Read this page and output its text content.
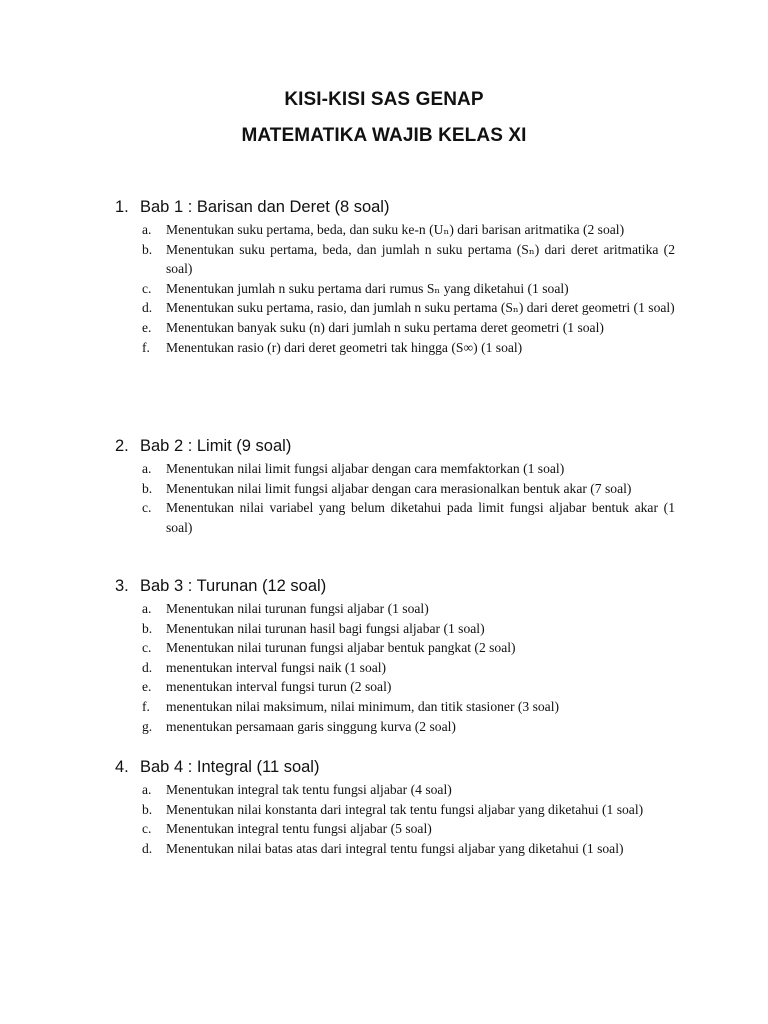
KISI-KISI SAS GENAP
MATEMATIKA WAJIB KELAS XI
1. Bab 1 : Barisan dan Deret (8 soal)
a.	Menentukan suku pertama, beda, dan suku ke-n (Uₙ) dari barisan aritmatika (2 soal)
b.	Menentukan suku pertama, beda, dan jumlah n suku pertama (Sₙ) dari deret aritmatika (2 soal)
c.	Menentukan jumlah n suku pertama dari rumus Sₙ yang diketahui (1 soal)
d.	Menentukan suku pertama, rasio, dan jumlah n suku pertama (Sₙ) dari deret geometri (1 soal)
e.	Menentukan banyak suku (n) dari jumlah n suku pertama deret geometri (1 soal)
f.	Menentukan rasio (r) dari deret geometri tak hingga (S∞) (1 soal)
2. Bab 2 : Limit (9 soal)
a.	Menentukan nilai limit fungsi aljabar dengan cara memfaktorkan (1 soal)
b.	Menentukan nilai limit fungsi aljabar dengan cara merasionalkan bentuk akar (7 soal)
c.	Menentukan nilai variabel yang belum diketahui pada limit fungsi aljabar bentuk akar (1 soal)
3. Bab 3 : Turunan (12 soal)
a.	Menentukan nilai turunan fungsi aljabar (1 soal)
b.	Menentukan nilai turunan hasil bagi fungsi aljabar (1 soal)
c.	Menentukan nilai turunan fungsi aljabar bentuk pangkat (2 soal)
d.	menentukan interval fungsi naik (1 soal)
e.	menentukan interval fungsi turun (2 soal)
f.	menentukan nilai maksimum, nilai minimum, dan titik stasioner (3 soal)
g.	menentukan persamaan garis singgung kurva (2 soal)
4. Bab 4 : Integral (11 soal)
a.	Menentukan integral tak tentu fungsi aljabar (4 soal)
b.	Menentukan nilai konstanta dari integral tak tentu fungsi aljabar yang diketahui (1 soal)
c.	Menentukan integral tentu fungsi aljabar (5 soal)
d.	Menentukan nilai batas atas dari integral tentu fungsi aljabar yang diketahui (1 soal)
